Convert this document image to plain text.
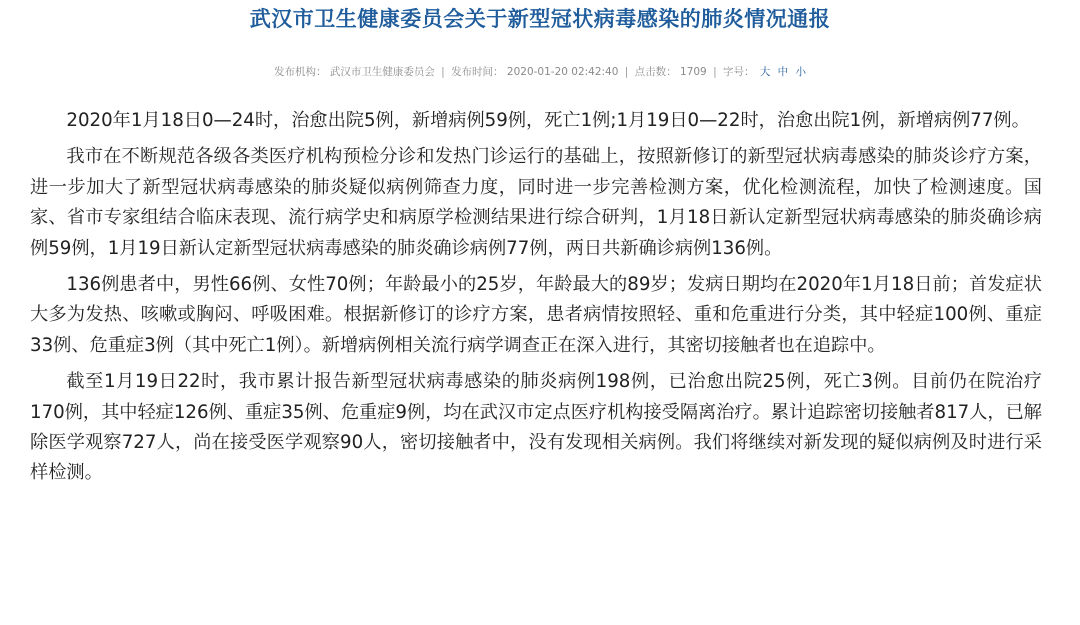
武汉市卫生健康委员会关于新型冠状病毒感染的肺炎情况通报
发布机构： 武汉市卫生健康委员会 | 发布时间： 2020-01-20 02:42:40 | 点击数： 1709 | 字号： 大 中 小

2020年1月18日0—24时，治愈出院5例，新增病例59例，死亡1例;1月19日0—22时，治愈出院1例，新增病例77例。

我市在不断规范各级各类医疗机构预检分诊和发热门诊运行的基础上，按照新修订的新型冠状病毒感染的肺炎诊疗方案，进一步加大了新型冠状病毒感染的肺炎疑似病例筛查力度，同时进一步完善检测方案，优化检测流程，加快了检测速度。国家、省市专家组结合临床表现、流行病学史和病原学检测结果进行综合研判，1月18日新认定新型冠状病毒感染的肺炎确诊病例59例，1月19日新认定新型冠状病毒感染的肺炎确诊病例77例，两日共新确诊病例136例。

136例患者中，男性66例、女性70例；年龄最小的25岁，年龄最大的89岁；发病日期均在2020年1月18日前；首发症状大多为发热、咳嗽或胸闷、呼吸困难。根据新修订的诊疗方案，患者病情按照轻、重和危重进行分类，其中轻症100例、重症33例、危重症3例（其中死亡1例）。新增病例相关流行病学调查正在深入进行，其密切接触者也在追踪中。

截至1月19日22时，我市累计报告新型冠状病毒感染的肺炎病例198例，已治愈出院25例，死亡3例。目前仍在院治疗170例，其中轻症126例、重症35例、危重症9例，均在武汉市定点医疗机构接受隔离治疗。累计追踪密切接触者817人，已解除医学观察727人，尚在接受医学观察90人，密切接触者中，没有发现相关病例。我们将继续对新发现的疑似病例及时进行采样检测。
